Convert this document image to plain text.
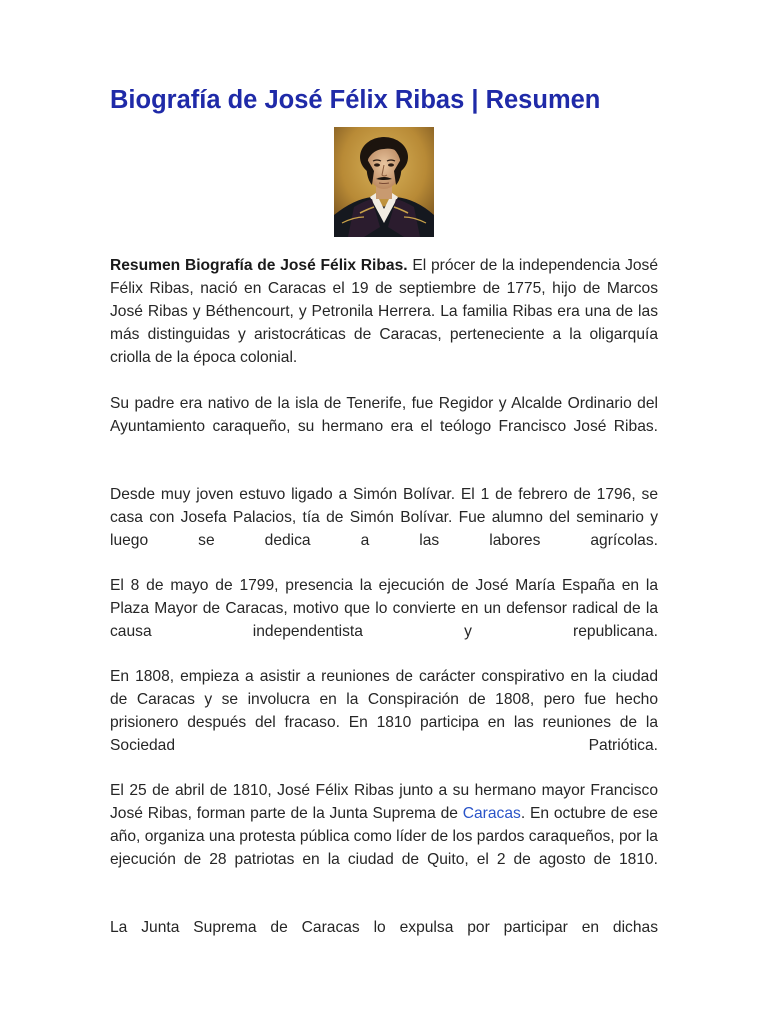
Biografía de José Félix Ribas | Resumen

Resumen Biografía de José Félix Ribas. El prócer de la independencia José Félix Ribas, nació en Caracas el 19 de septiembre de 1775, hijo de Marcos José Ribas y Béthencourt, y Petronila Herrera. La familia Ribas era una de las más distinguidas y aristocráticas de Caracas, perteneciente a la oligarquía criolla de la época colonial.

Su padre era nativo de la isla de Tenerife, fue Regidor y Alcalde Ordinario del Ayuntamiento caraqueño, su hermano era el teólogo Francisco José Ribas.

Desde muy joven estuvo ligado a Simón Bolívar. El 1 de febrero de 1796, se casa con Josefa Palacios, tía de Simón Bolívar. Fue alumno del seminario y luego se dedica a las labores agrícolas.

El 8 de mayo de 1799, presencia la ejecución de José María España en la Plaza Mayor de Caracas, motivo que lo convierte en un defensor radical de la causa independentista y republicana.

En 1808, empieza a asistir a reuniones de carácter conspirativo en la ciudad de Caracas y se involucra en la Conspiración de 1808, pero fue hecho prisionero después del fracaso. En 1810 participa en las reuniones de la Sociedad Patriótica.

El 25 de abril de 1810, José Félix Ribas junto a su hermano mayor Francisco José Ribas, forman parte de la Junta Suprema de Caracas. En octubre de ese año, organiza una protesta pública como líder de los pardos caraqueños, por la ejecución de 28 patriotas en la ciudad de Quito, el 2 de agosto de 1810.

La Junta Suprema de Caracas lo expulsa por participar en dichas
